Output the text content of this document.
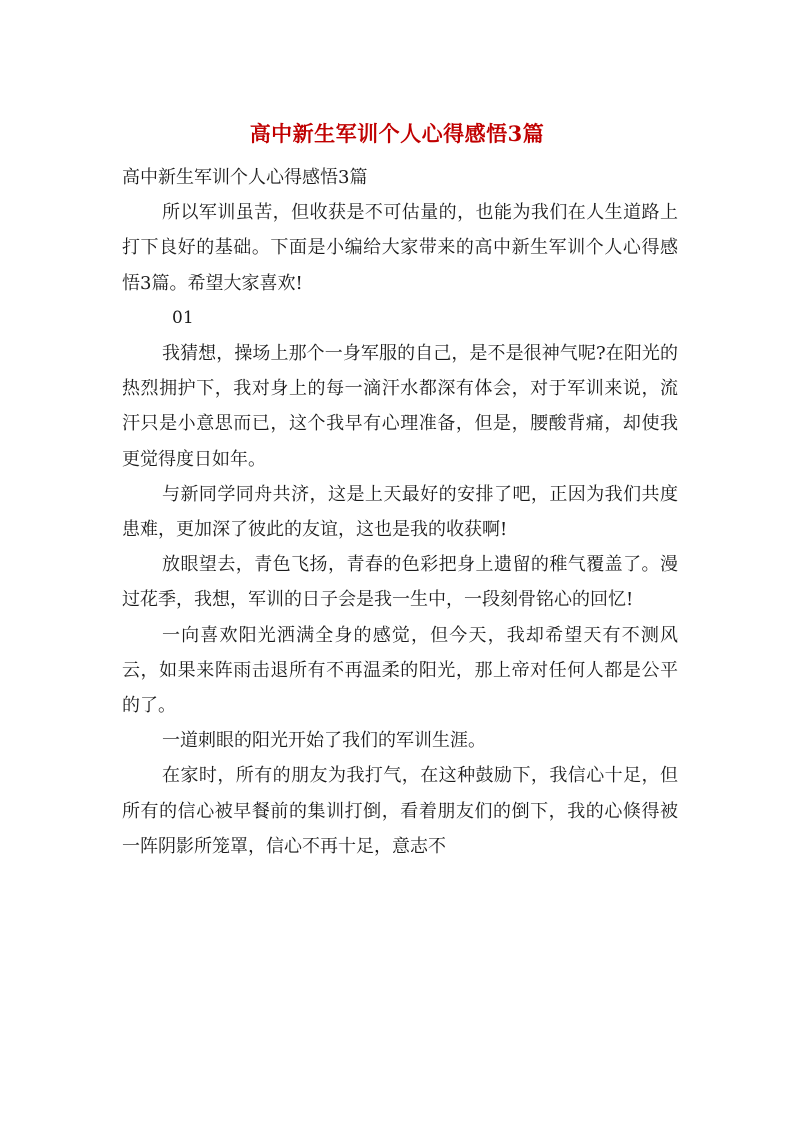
高中新生军训个人心得感悟3篇

高中新生军训个人心得感悟3篇

所以军训虽苦，但收获是不可估量的，也能为我们在人生道路上打下良好的基础。下面是小编给大家带来的高中新生军训个人心得感悟3篇。希望大家喜欢!

01

我猜想，操场上那个一身军服的自己，是不是很神气呢?在阳光的热烈拥护下，我对身上的每一滴汗水都深有体会，对于军训来说，流汗只是小意思而已，这个我早有心理准备，但是，腰酸背痛，却使我更觉得度日如年。

与新同学同舟共济，这是上天最好的安排了吧，正因为我们共度患难，更加深了彼此的友谊，这也是我的收获啊!

放眼望去，青色飞扬，青春的色彩把身上遗留的稚气覆盖了。漫过花季，我想，军训的日子会是我一生中，一段刻骨铭心的回忆!

一向喜欢阳光洒满全身的感觉，但今天，我却希望天有不测风云，如果来阵雨击退所有不再温柔的阳光，那上帝对任何人都是公平的了。

一道刺眼的阳光开始了我们的军训生涯。

在家时，所有的朋友为我打气，在这种鼓励下，我信心十足，但所有的信心被早餐前的集训打倒，看着朋友们的倒下，我的心倏得被一阵阴影所笼罩，信心不再十足，意志不
